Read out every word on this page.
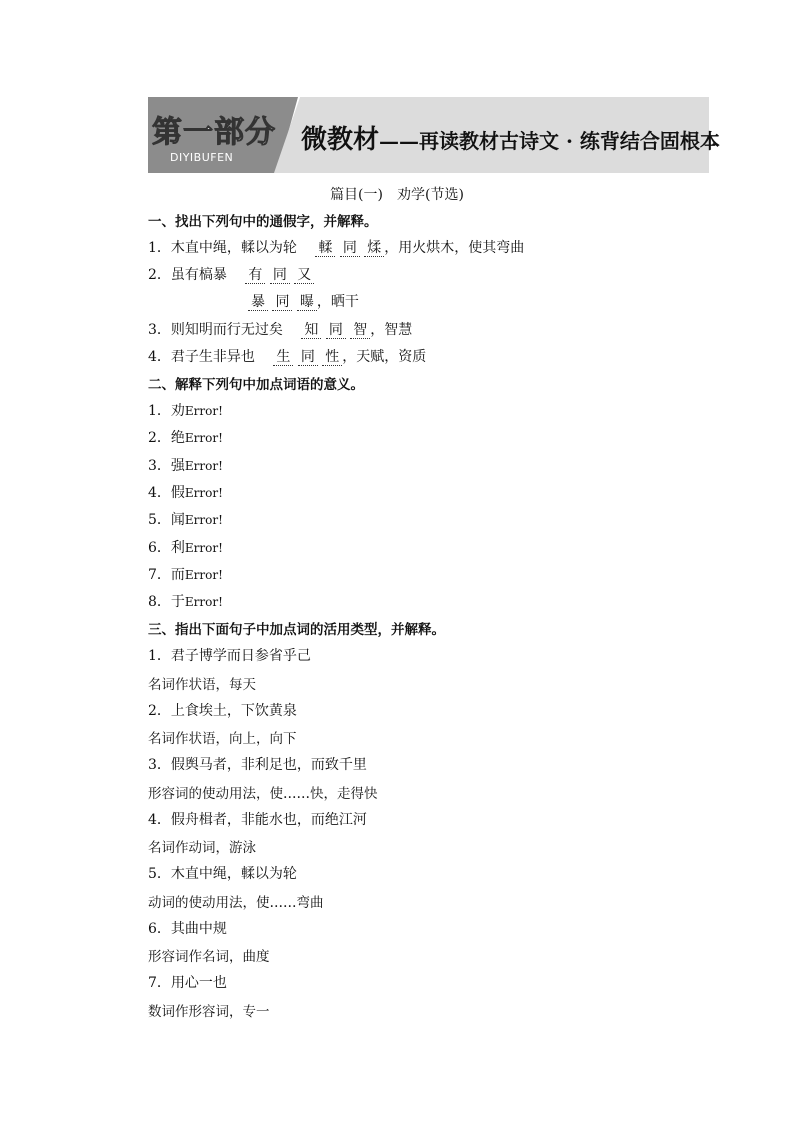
第一部分
DIYIBUFEN
微教材——再读教材古诗文 · 练背结合固根本
篇目(一)　劝学(节选)
一、找出下列句中的通假字，并解释。
1．木直中绳，輮以为轮 輮 同 煣 ，用火烘木，使其弯曲
2．虽有槁暴 有 同 又
暴 同 曝 ，晒干
3．则知明而行无过矣 知 同 智 ，智慧
4．君子生非异也 生 同 性 ，天赋，资质
二、解释下列句中加点词语的意义。
1．劝Error!
2．绝Error!
3．强Error!
4．假Error!
5．闻Error!
6．利Error!
7．而Error!
8．于Error!
三、指出下面句子中加点词的活用类型，并解释。
1．君子博学而日参省乎己
名词作状语，每天
2．上食埃土，下饮黄泉
名词作状语，向上，向下
3．假舆马者，非利足也，而致千里
形容词的使动用法，使……快，走得快
4．假舟楫者，非能水也，而绝江河
名词作动词，游泳
5．木直中绳，輮以为轮
动词的使动用法，使……弯曲
6．其曲中规
形容词作名词，曲度
7．用心一也
数词作形容词，专一
